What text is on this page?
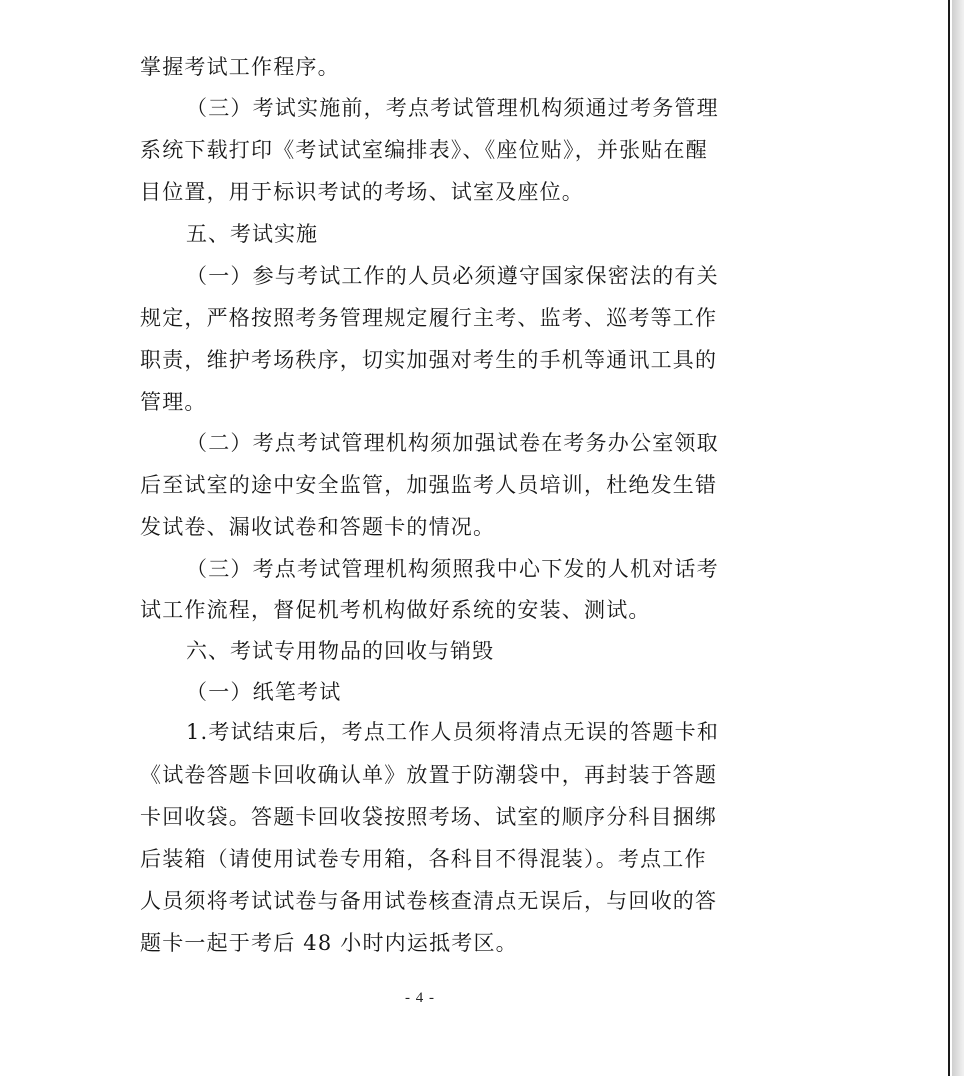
掌握考试工作程序。
（三）考试实施前，考点考试管理机构须通过考务管理
系统下载打印《考试试室编排表》、《座位贴》，并张贴在醒
目位置，用于标识考试的考场、试室及座位。
五、考试实施
（一）参与考试工作的人员必须遵守国家保密法的有关
规定，严格按照考务管理规定履行主考、监考、巡考等工作
职责，维护考场秩序，切实加强对考生的手机等通讯工具的
管理。
（二）考点考试管理机构须加强试卷在考务办公室领取
后至试室的途中安全监管，加强监考人员培训，杜绝发生错
发试卷、漏收试卷和答题卡的情况。
（三）考点考试管理机构须照我中心下发的人机对话考
试工作流程，督促机考机构做好系统的安装、测试。
六、考试专用物品的回收与销毁
（一）纸笔考试
1.考试结束后，考点工作人员须将清点无误的答题卡和
《试卷答题卡回收确认单》放置于防潮袋中，再封装于答题
卡回收袋。答题卡回收袋按照考场、试室的顺序分科目捆绑
后装箱（请使用试卷专用箱，各科目不得混装）。考点工作
人员须将考试试卷与备用试卷核查清点无误后，与回收的答
题卡一起于考后 48 小时内运抵考区。
- 4 -
